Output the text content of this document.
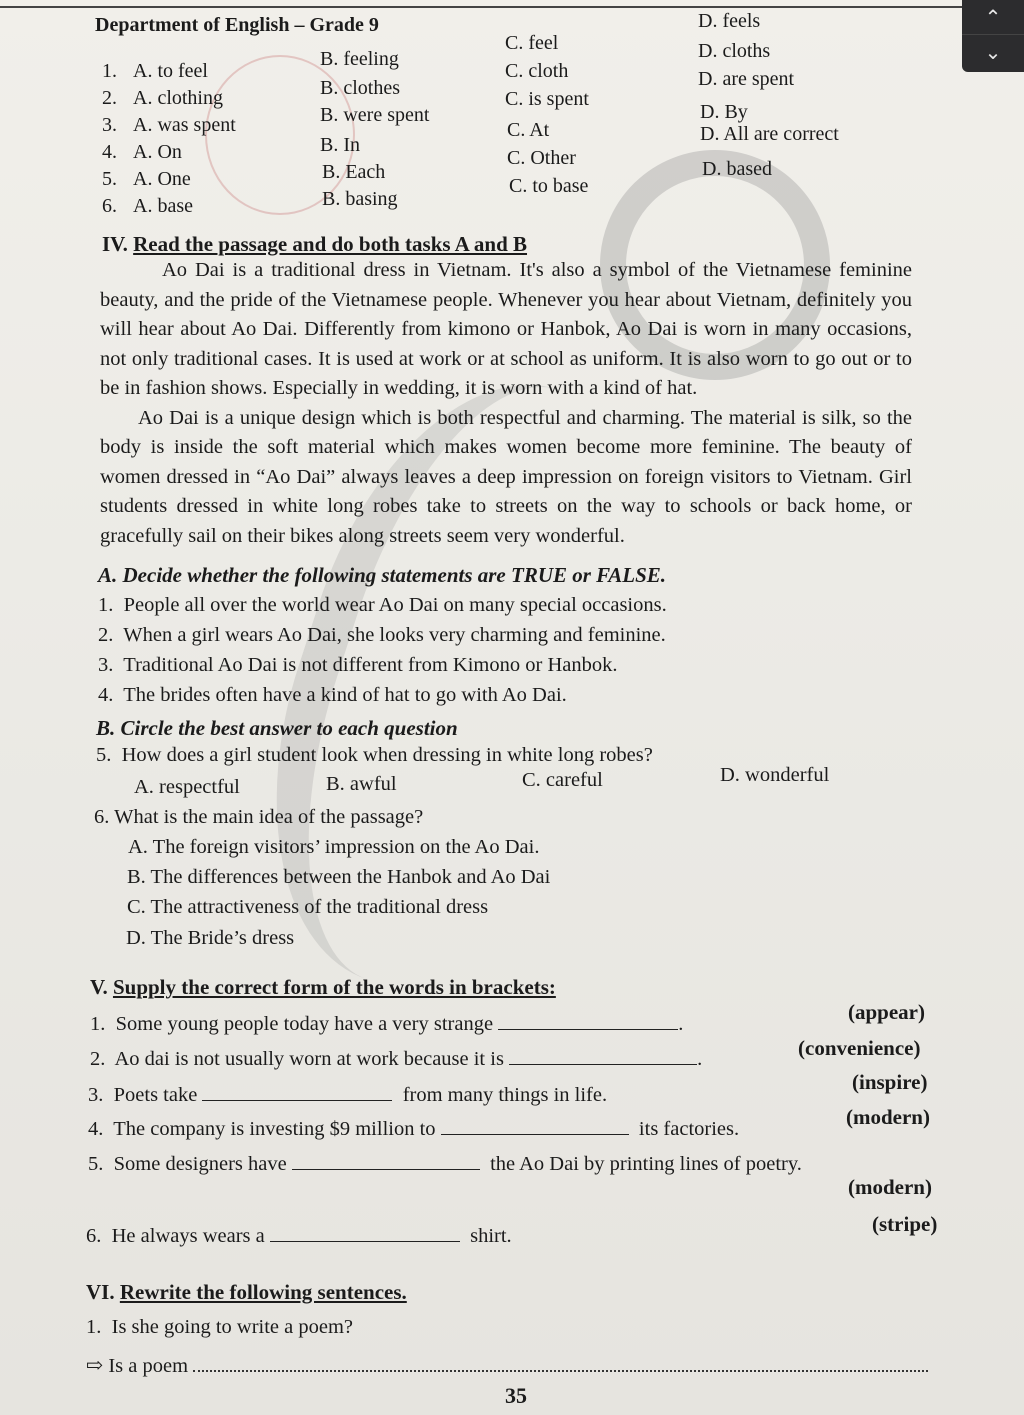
Department of English – Grade 9
1. A. to feel
B. feeling
C. feel
D. feels
2. A. clothing	B. clothes
C. cloth
D. cloths
3. A. was spent	B. were spent
C. is spent
D. are spent
4. A. On	B. In
C. At
D. By
5. A. One	B. Each
C. Other
D. All are correct
6. A. base	B. basing
C. to base
D. based
IV. Read the passage and do both tasks A and B

Ao Dai is a traditional dress in Vietnam. It's also a symbol of the Vietnamese feminine beauty, and the pride of the Vietnamese people. Whenever you hear about Vietnam, definitely you will hear about Ao Dai. Differently from kimono or Hanbok, Ao Dai is worn in many occasions, not only traditional cases. It is used at work or at school as uniform. It is also worn to go out or to be in fashion shows. Especially in wedding, it is worn with a kind of hat.

Ao Dai is a unique design which is both respectful and charming. The material is silk, so the body is inside the soft material which makes women become more feminine. The beauty of women dressed in “Ao Dai” always leaves a deep impression on foreign visitors to Vietnam. Girl students dressed in white long robes take to streets on the way to schools or back home, or gracefully sail on their bikes along streets seem very wonderful.

A. Decide whether the following statements are TRUE or FALSE.
1. People all over the world wear Ao Dai on many special occasions.
2. When a girl wears Ao Dai, she looks very charming and feminine.
3. Traditional Ao Dai is not different from Kimono or Hanbok.
4. The brides often have a kind of hat to go with Ao Dai.
B. Circle the best answer to each question
5. How does a girl student look when dressing in white long robes?
A. respectful	B. awful	C. careful	D. wonderful
6. What is the main idea of the passage?
A. The foreign visitors’ impression on the Ao Dai.
B. The differences between the Hanbok and Ao Dai
C. The attractiveness of the traditional dress
D. The Bride’s dress
V. Supply the correct form of the words in brackets:
1. Some young people today have a very strange	.	(appear)
2. Ao dai is not usually worn at work because it is	.	(convenience)
3. Poets take	from many things in life.
(inspire)
4. The company is investing $9 million to	its factories.	(modern)
5. Some designers have	the Ao Dai by printing lines of poetry.
(modern)
6. He always wears a	shirt.	(stripe)
VI. Rewrite the following sentences.
1. Is she going to write a poem?
⇨ Is a poem
35
⌃
⌄
